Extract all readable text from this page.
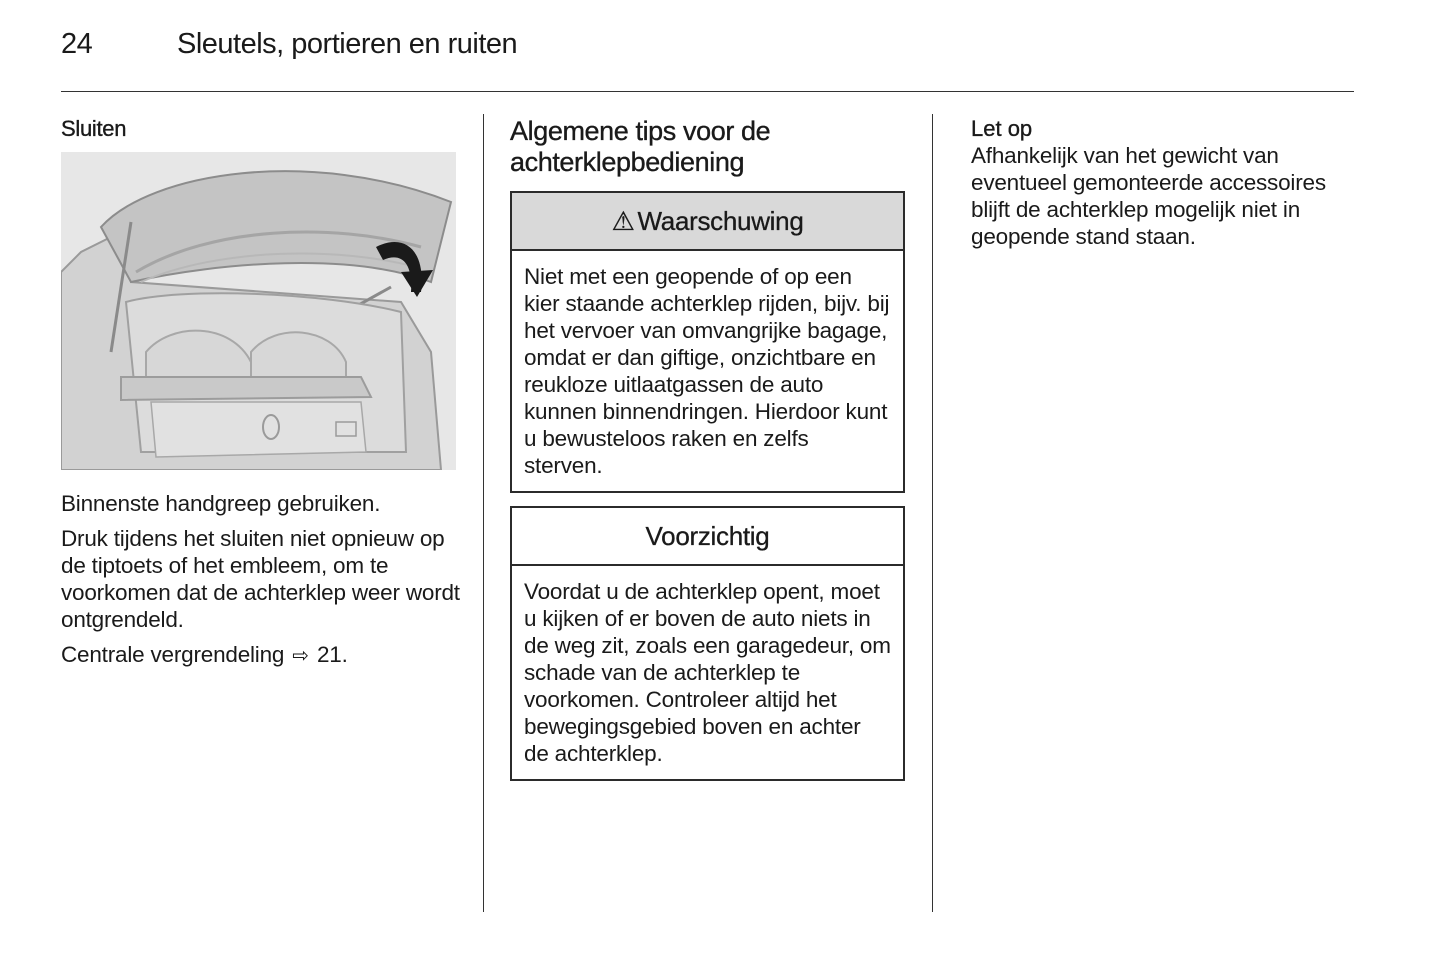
24	Sleutels, portieren en ruiten
Sluiten

Binnenste handgreep gebruiken.

Druk tijdens het sluiten niet opnieuw op de tiptoets of het embleem, om te voorkomen dat de achterklep weer wordt ontgrendeld.

Centrale vergrendeling ⇨ 21.

Algemene tips voor de achterklepbediening
⚠ Waarschuwing

Niet met een geopende of op een kier staande achterklep rijden, bijv. bij het vervoer van omvangrijke bagage, omdat er dan giftige, onzichtbare en reukloze uitlaatgassen de auto kunnen binnendringen. Hierdoor kunt u bewusteloos raken en zelfs sterven.

Voorzichtig

Voordat u de achterklep opent, moet u kijken of er boven de auto niets in de weg zit, zoals een garagedeur, om schade van de achterklep te voorkomen. Controleer altijd het bewegingsgebied boven en achter de achterklep.

Let op

Afhankelijk van het gewicht van eventueel gemonteerde accessoires blijft de achterklep mogelijk niet in geopende stand staan.
